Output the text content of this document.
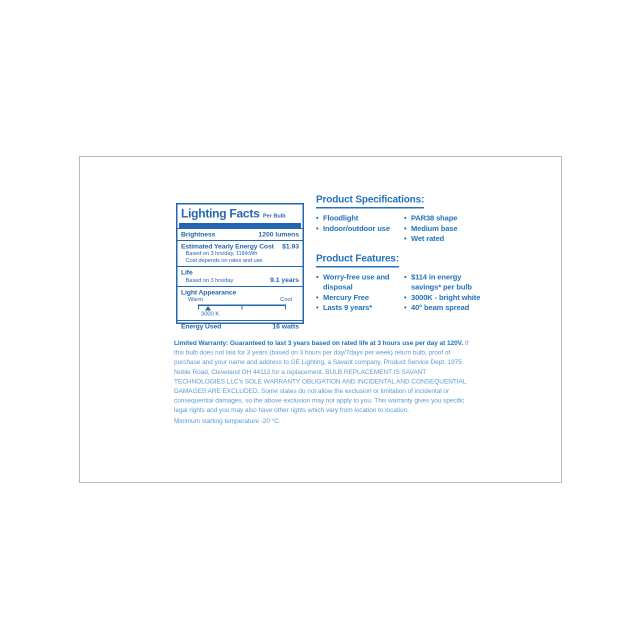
Lighting Facts Per Bulb
Brightness	1200 lumens
Estimated Yearly Energy Cost $1.93
Based on 3 hrs/day, 11¢/kWh
Cost depends on rates and use
Life
Based on 3 hrs/day	9.1 years
Light Appearance
Warm	Cool
3000 K
Energy Used	16 watts
Product Specifications:
• Floodlight
• Indoor/outdoor use
• PAR38 shape
• Medium base
• Wet rated
Product Features:
• Worry-free use and disposal
• Mercury Free
• Lasts 9 years*
• $114 in energy savings* per bulb
• 3000K - bright white
• 40° beam spread

Limited Warranty: Guaranteed to last 3 years based on rated life at 3 hours use per day at 120V. If this bulb does not last for 3 years (based on 3 hours per day/7days per week) return bulb, proof of purchase and your name and address to GE Lighting, a Savant company, Product Service Dept. 1975 Noble Road, Cleveland OH 44112 for a replacement. BULB REPLACEMENT IS SAVANT TECHNOLOGIES LLC's SOLE WARRANTY OBLIGATION AND INCIDENTAL AND CONSEQUENTIAL DAMAGES ARE EXCLUDED. Some states do not allow the exclusion or limitation of incidental or consequential damages, so the above exclusion may not apply to you. This warranty gives you specific legal rights and you may also have other rights which vary from location to location.

Minimum starting temperature -20 °C.
